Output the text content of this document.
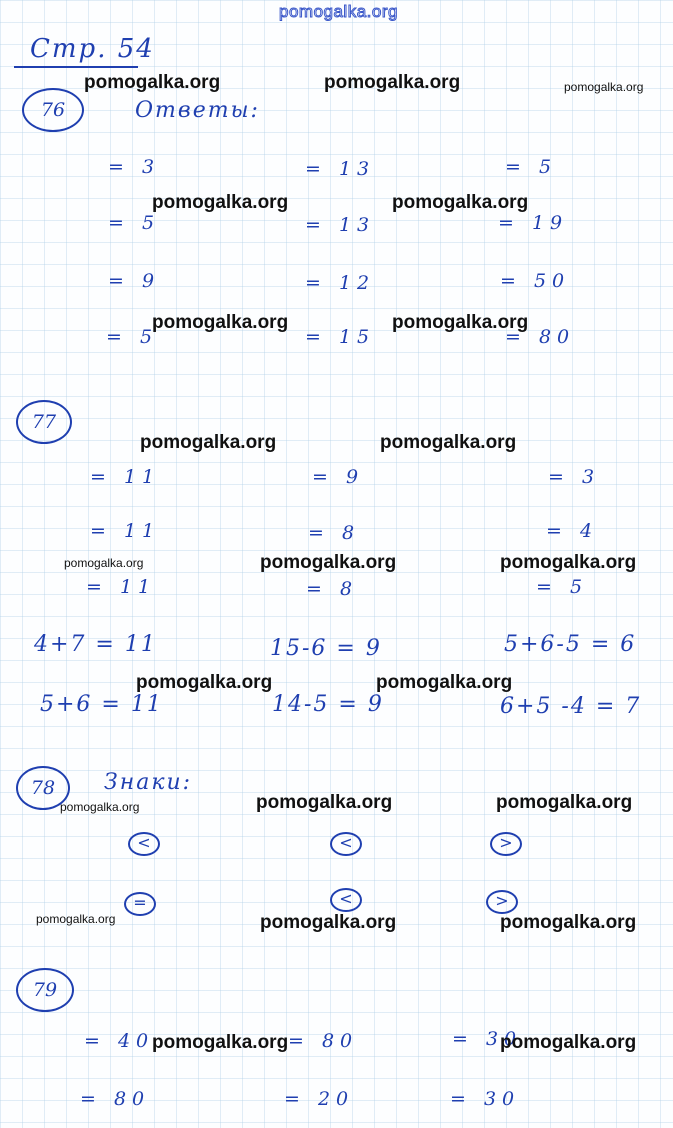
pomogalka.org
Стр. 54
76	Ответы:
= 3	= 13	= 5
= 5	= 13	= 19
= 9	= 12	= 50
= 5	= 15	= 80
77
= 11	= 9	= 3
= 11	= 8	= 4
= 11	= 8	= 5
4+7 = 11	15-6 = 9	5+6-5 = 6
5+6 = 11	14-5 = 9	6+5 -4 = 7
78	Знаки:
<	<	>
=	<	>
79
= 40	= 80	= 30
= 80	= 20	= 30
pomogalka.org	pomogalka.org	pomogalka.org
pomogalka.org	pomogalka.org
pomogalka.org	pomogalka.org
pomogalka.org	pomogalka.org
pomogalka.org	pomogalka.org	pomogalka.org
pomogalka.org	pomogalka.org
pomogalka.org	pomogalka.org	pomogalka.org
pomogalka.org	pomogalka.org	pomogalka.org
pomogalka.org	pomogalka.org
